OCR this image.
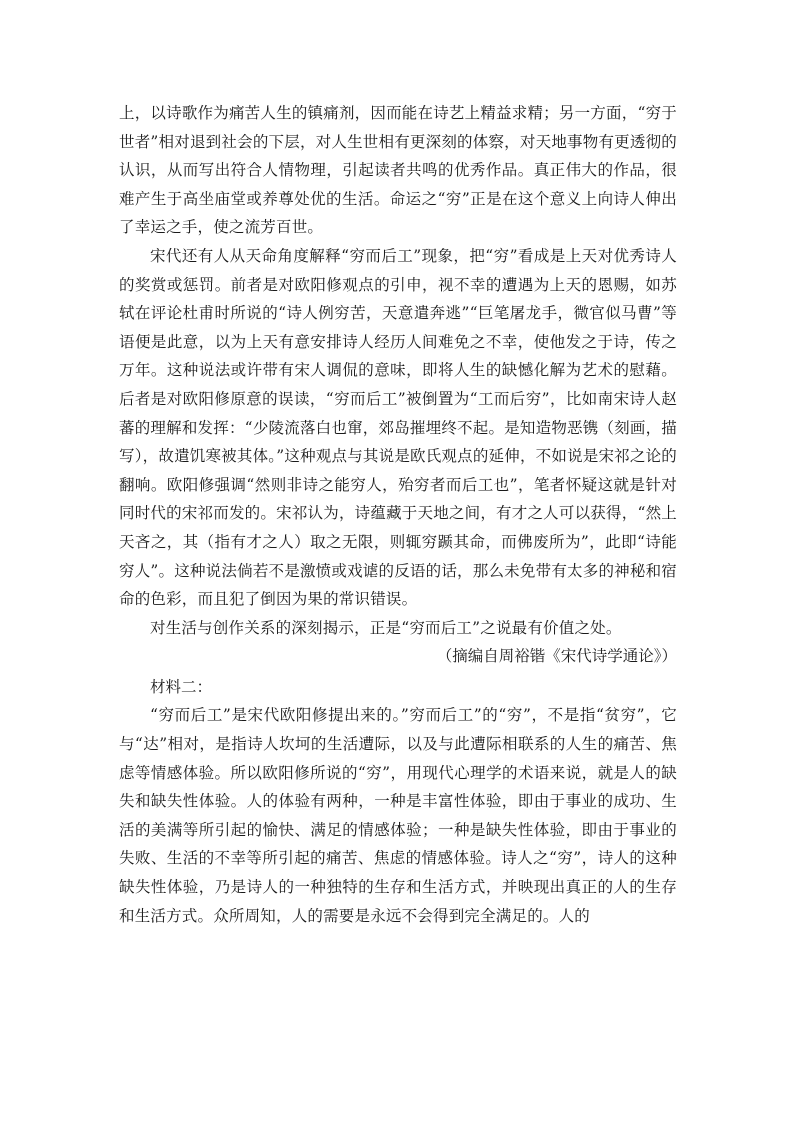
上，以诗歌作为痛苦人生的镇痛剂，因而能在诗艺上精益求精；另一方面，“穷于世者”相对退到社会的下层，对人生世相有更深刻的体察，对天地事物有更透彻的认识，从而写出符合人情物理，引起读者共鸣的优秀作品。真正伟大的作品，很难产生于高坐庙堂或养尊处优的生活。命运之“穷”正是在这个意义上向诗人伸出了幸运之手，使之流芳百世。

宋代还有人从天命角度解释“穷而后工”现象，把“穷”看成是上天对优秀诗人的奖赏或惩罚。前者是对欧阳修观点的引申，视不幸的遭遇为上天的恩赐，如苏轼在评论杜甫时所说的“诗人例穷苦，天意遣奔逃”“巨笔屠龙手，微官似马曹”等语便是此意，以为上天有意安排诗人经历人间难免之不幸，使他发之于诗，传之万年。这种说法或许带有宋人调侃的意味，即将人生的缺憾化解为艺术的慰藉。后者是对欧阳修原意的误读，“穷而后工”被倒置为“工而后穷”，比如南宋诗人赵蕃的理解和发挥：“少陵流落白也窜，郊岛摧埋终不起。是知造物恶镌（刻画，描写），故遣饥寒被其体。”这种观点与其说是欧氏观点的延伸，不如说是宋祁之论的翻响。欧阳修强调“然则非诗之能穷人，殆穷者而后工也”，笔者怀疑这就是针对同时代的宋祁而发的。宋祁认为，诗蕴藏于天地之间，有才之人可以获得，“然上天吝之，其（指有才之人）取之无限，则辄穷踬其命，而佛废所为”，此即“诗能穷人”。这种说法倘若不是激愤或戏谑的反语的话，那么未免带有太多的神秘和宿命的色彩，而且犯了倒因为果的常识错误。

对生活与创作关系的深刻揭示，正是“穷而后工”之说最有价值之处。

（摘编自周裕锴《宋代诗学通论》）

材料二：

“穷而后工”是宋代欧阳修提出来的。”穷而后工”的“穷”，不是指“贫穷”，它与“达”相对，是指诗人坎坷的生活遭际，以及与此遭际相联系的人生的痛苦、焦虑等情感体验。所以欧阳修所说的“穷”，用现代心理学的术语来说，就是人的缺失和缺失性体验。人的体验有两种，一种是丰富性体验，即由于事业的成功、生活的美满等所引起的愉快、满足的情感体验；一种是缺失性体验，即由于事业的失败、生活的不幸等所引起的痛苦、焦虑的情感体验。诗人之“穷”，诗人的这种缺失性体验，乃是诗人的一种独特的生存和生活方式，并映现出真正的人的生存和生活方式。众所周知，人的需要是永远不会得到完全满足的。人的
